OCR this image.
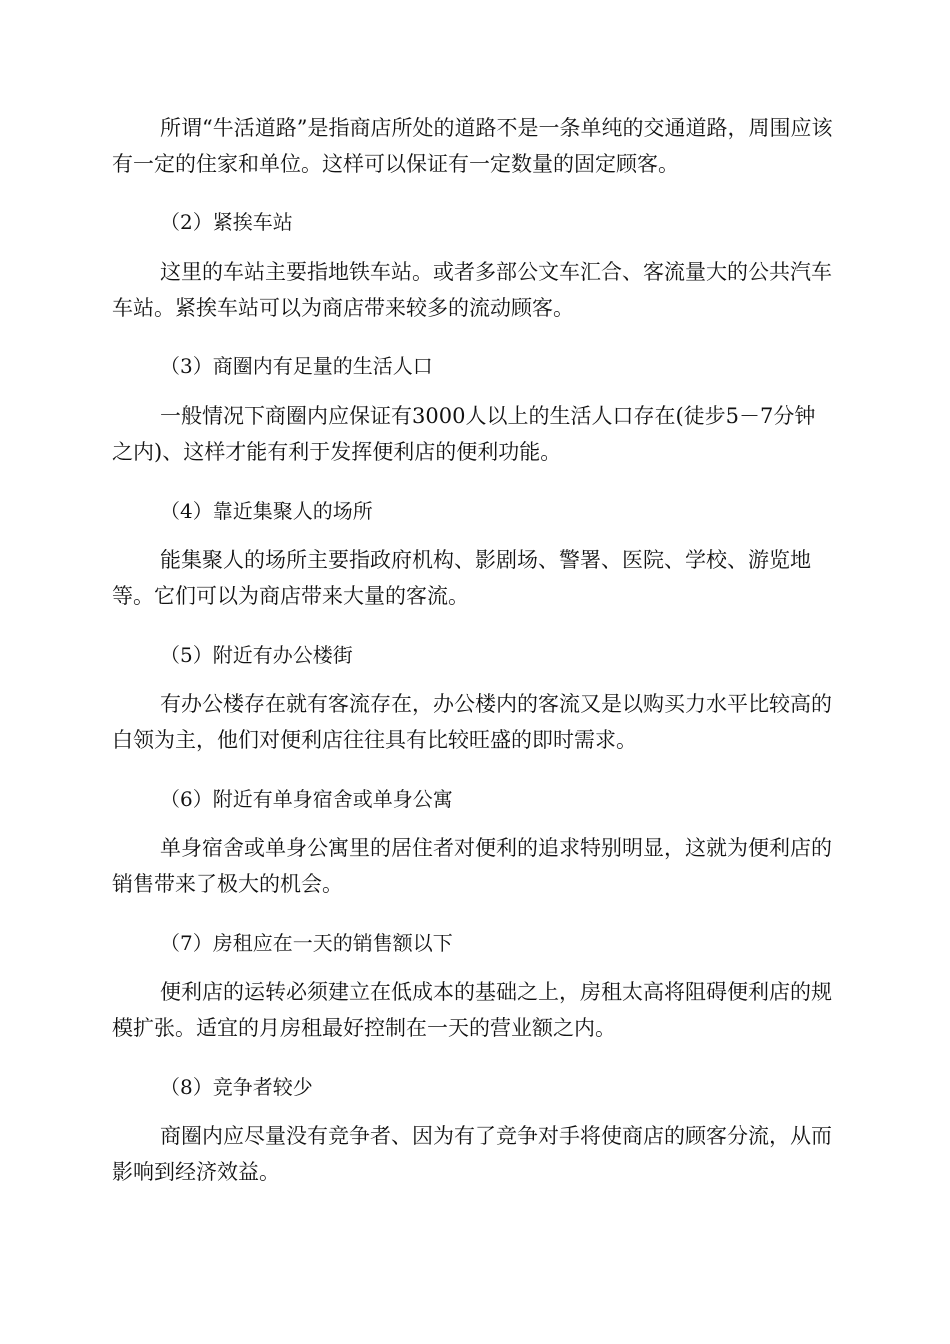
所谓“牛活道路”是指商店所处的道路不是一条单纯的交通道路，周围应该有一定的住家和单位。这样可以保证有一定数量的固定顾客。

（2）紧挨车站

这里的车站主要指地铁车站。或者多部公文车汇合、客流量大的公共汽车车站。紧挨车站可以为商店带来较多的流动顾客。

（3）商圈内有足量的生活人口

一般情况下商圈内应保证有3000人以上的生活人口存在(徒步5－7分钟之内)、这样才能有利于发挥便利店的便利功能。

（4）靠近集聚人的场所

能集聚人的场所主要指政府机构、影剧场、警署、医院、学校、游览地等。它们可以为商店带来大量的客流。

（5）附近有办公楼街

有办公楼存在就有客流存在，办公楼内的客流又是以购买力水平比较高的白领为主，他们对便利店往往具有比较旺盛的即时需求。

（6）附近有单身宿舍或单身公寓

单身宿舍或单身公寓里的居住者对便利的追求特别明显，这就为便利店的销售带来了极大的机会。

（7）房租应在一天的销售额以下

便利店的运转必须建立在低成本的基础之上，房租太高将阻碍便利店的规模扩张。适宜的月房租最好控制在一天的营业额之内。

（8）竞争者较少

商圈内应尽量没有竞争者、因为有了竞争对手将使商店的顾客分流，从而影响到经济效益。
